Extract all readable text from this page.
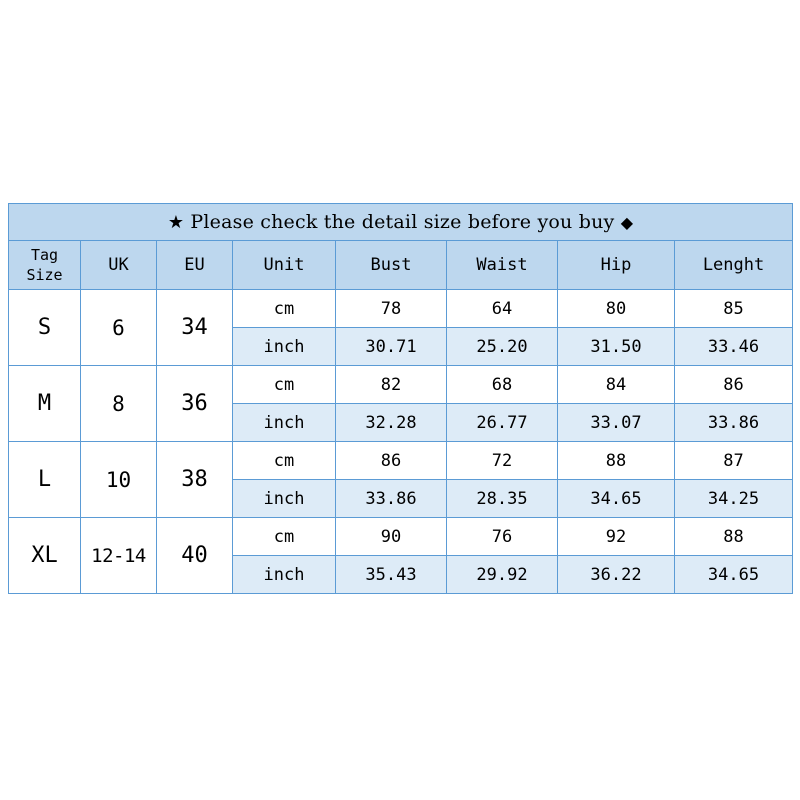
★ Please check the detail size before you buy ◆							

Tag
Size	UK	EU	Unit	Bust	Waist	Hip	Lenght
S	6	34	cm	78	64	80	85
			inch	30.71	25.20	31.50	33.46
M	8	36	cm	82	68	84	86
			inch	32.28	26.77	33.07	33.86
L	10	38	cm	86	72	88	87
			inch	33.86	28.35	34.65	34.25
XL	12-14	40	cm	90	76	92	88
			inch	35.43	29.92	36.22	34.65
